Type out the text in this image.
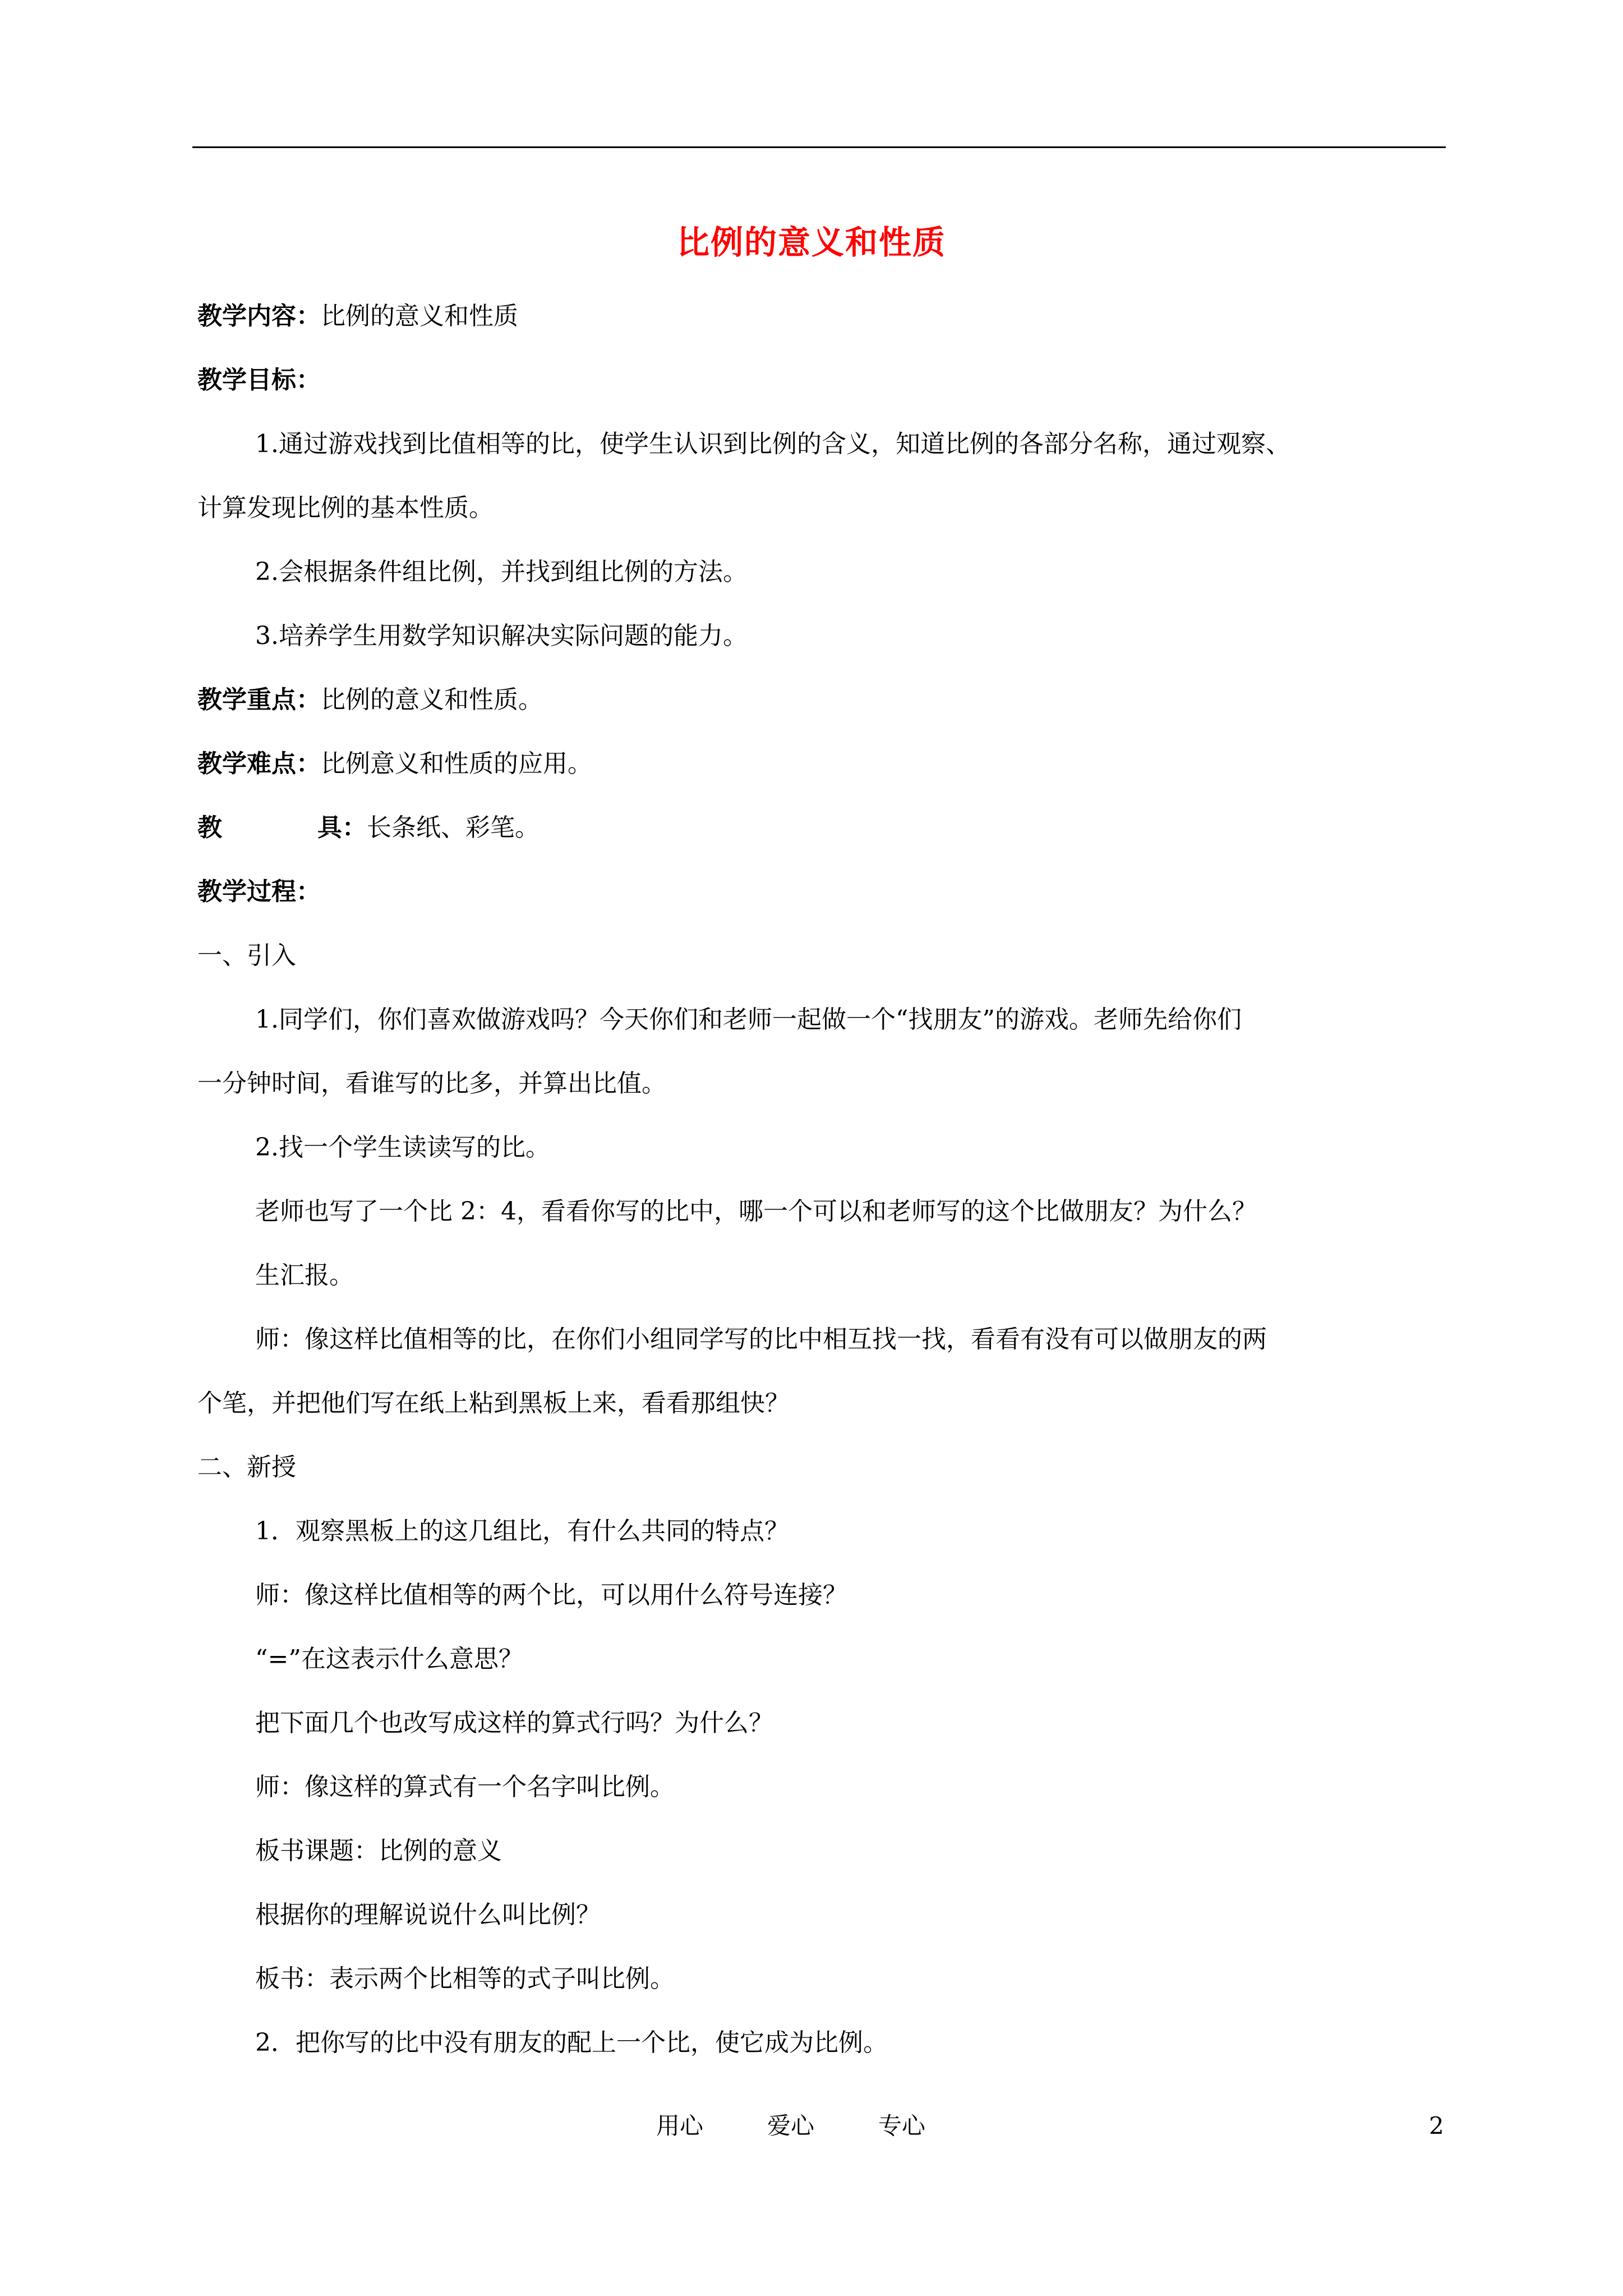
比例的意义和性质
教学内容：比例的意义和性质
教学目标：
1.通过游戏找到比值相等的比，使学生认识到比例的含义，知道比例的各部分名称，通过观察、
计算发现比例的基本性质。
2.会根据条件组比例，并找到组比例的方法。
3.培养学生用数学知识解决实际问题的能力。
教学重点：比例的意义和性质。
教学难点：比例意义和性质的应用。
教	具：长条纸、彩笔。
教学过程：
一、引入
1.同学们，你们喜欢做游戏吗？今天你们和老师一起做一个“找朋友”的游戏。老师先给你们
一分钟时间，看谁写的比多，并算出比值。
2.找一个学生读读写的比。
老师也写了一个比 2：4，看看你写的比中，哪一个可以和老师写的这个比做朋友？为什么？
生汇报。
师：像这样比值相等的比，在你们小组同学写的比中相互找一找，看看有没有可以做朋友的两
个笔，并把他们写在纸上粘到黑板上来，看看那组快？
二、新授
1．观察黑板上的这几组比，有什么共同的特点？
师：像这样比值相等的两个比，可以用什么符号连接？
“=”在这表示什么意思？
把下面几个也改写成这样的算式行吗？为什么？
师：像这样的算式有一个名字叫比例。
板书课题：比例的意义
根据你的理解说说什么叫比例？
板书：表示两个比相等的式子叫比例。
2．把你写的比中没有朋友的配上一个比，使它成为比例。
用心	爱心	专心	2
